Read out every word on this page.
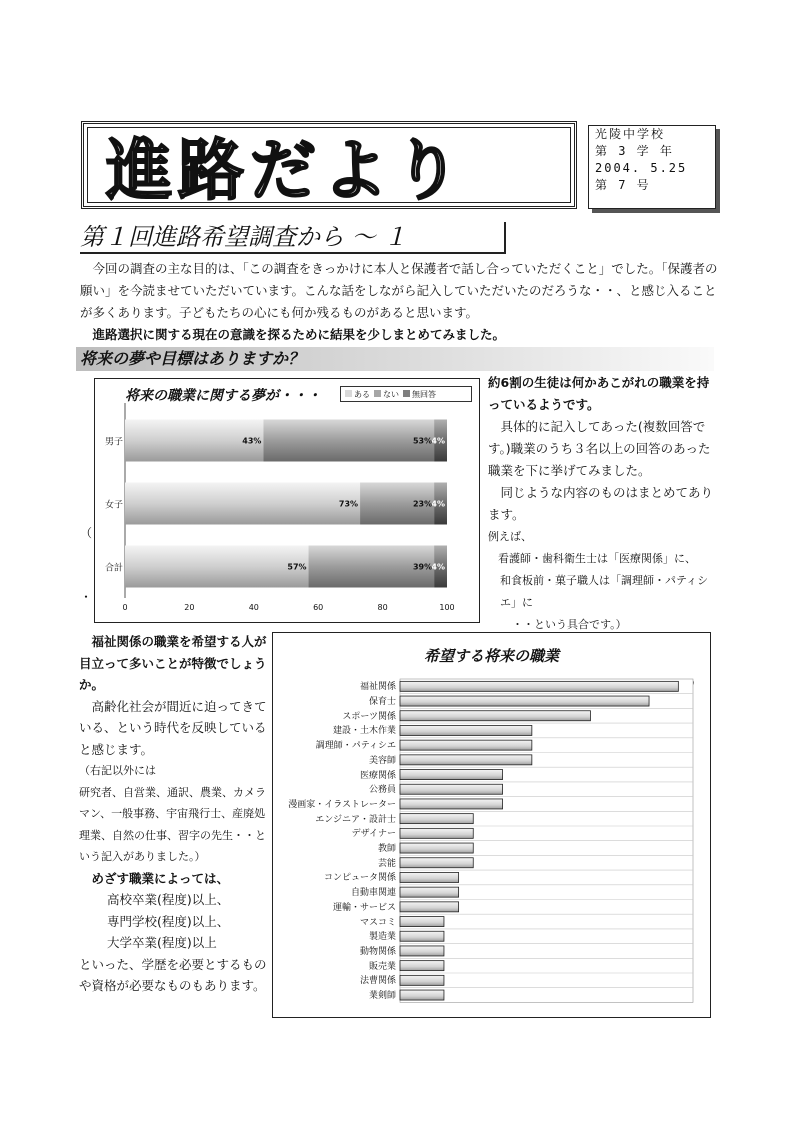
進路だより	光陵中学校
第 3 学 年
2004. 5.25
第 7 号
第１回進路希望調査から ～ １

　今回の調査の主な目的は、「この調査をきっかけに本人と保護者で話し合っていただくこと」でした。「保護者の願い」を今読ませていただいています。こんな話をしながら記入していただいたのだろうな・・、と感じ入ることが多くあります。子どもたちの心にも何か残るものがあると思います。

　進路選択に関する現在の意識を探るために結果を少しまとめてみました。

将来の夢や目標はありますか？
将来の職業に関する夢が・・・	ある	ない	無回答
男子	43%	53% 4%
女子	73%	23% 4%
合計	57%	39% 4%
0	20	40	60	80	100
（
・

約6割の生徒は何かあこがれの職業を持っているようです。

　具体的に記入してあった(複数回答です。)職業のうち３名以上の回答のあった職業を下に挙げてみました。

　同じような内容のものはまとめてあります。

例えば、

看護師・歯科衛生士は「医療関係」に、

和食板前・菓子職人は「調理師・パティシエ」に

・・という具合です。）

　福祉関係の職業を希望する人が目立って多いことが特徴でしょうか。

　高齢化社会が間近に迫ってきている、という時代を反映していると感じます。

（右記以外には

研究者、自営業、通訳、農業、カメラマン、一般事務、宇宙飛行士、産廃処理業、自然の仕事、習字の先生・・という記入がありました。）

　めざす職業によっては、

高校卒業(程度)以上、

専門学校(程度)以上、

大学卒業(程度)以上

といった、学歴を必要とするものや資格が必要なものもあります。

希望する将来の職業
福祉関係
保育士
スポーツ関係
建設・土木作業
調理師・パティシエ
美容師
医療関係
公務員
漫画家・イラストレーター
エンジニア・設計士
デザイナー
教師
芸能
コンピュータ関係
自動車関連
運輸・サービス
マスコミ
製造業
動物関係
販売業
法曹関係
業剣師
